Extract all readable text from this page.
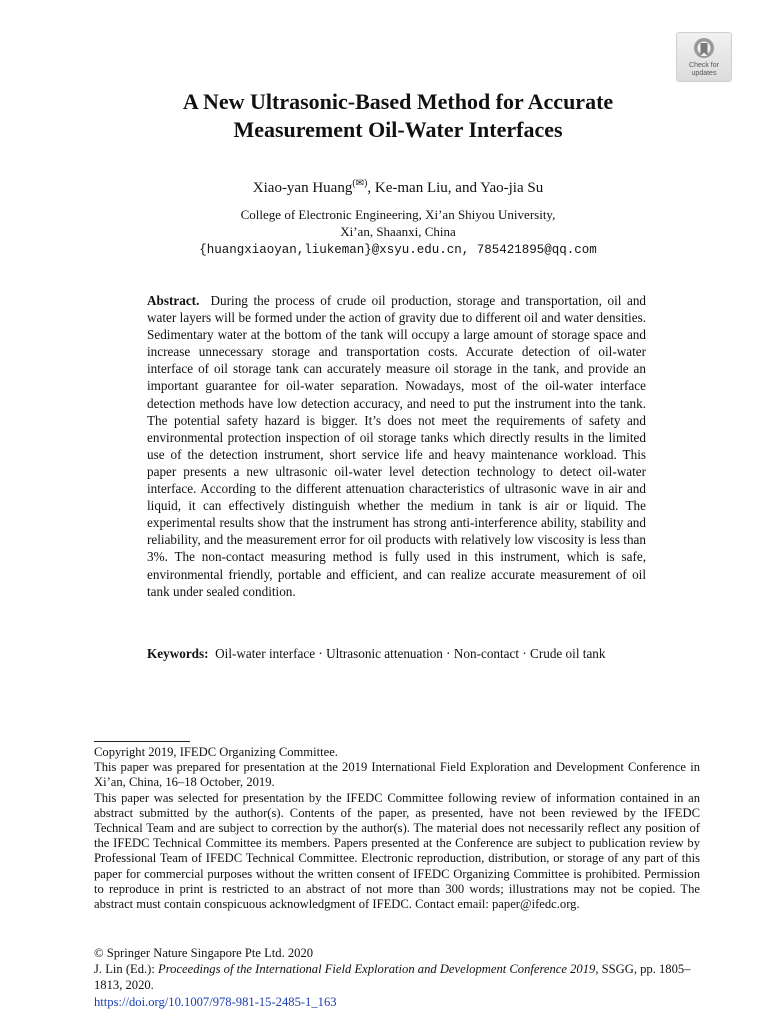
Check for
updates
A New Ultrasonic-Based Method for Accurate
Measurement Oil-Water Interfaces
Xiao-yan Huang(✉), Ke-man Liu, and Yao-jia Su
College of Electronic Engineering, Xi’an Shiyou University,
Xi’an, Shaanxi, China
{huangxiaoyan,liukeman}@xsyu.edu.cn, 785421895@qq.com
Abstract. During the process of crude oil production, storage and transportation, oil and water layers will be formed under the action of gravity due to different oil and water densities. Sedimentary water at the bottom of the tank will occupy a large amount of storage space and increase unnecessary storage and transportation costs. Accurate detection of oil-water interface of oil storage tank can accurately measure oil storage in the tank, and provide an important guarantee for oil-water separation. Nowadays, most of the oil-water interface detection methods have low detection accuracy, and need to put the instrument into the tank. The potential safety hazard is bigger. It’s does not meet the requirements of safety and environmental protection inspection of oil storage tanks which directly results in the limited use of the detection instrument, short service life and heavy maintenance workload. This paper presents a new ultrasonic oil-water level detection technology to detect oil-water interface. According to the different attenuation characteristics of ultrasonic wave in air and liquid, it can effectively distinguish whether the medium in tank is air or liquid. The experimental results show that the instrument has strong anti-interference ability, stability and reliability, and the measurement error for oil products with relatively low viscosity is less than 3%. The non-contact measuring method is fully used in this instrument, which is safe, environmental friendly, portable and efficient, and can realize accurate measurement of oil tank under sealed condition.
Keywords: Oil-water interface · Ultrasonic attenuation · Non-contact · Crude oil tank

Copyright 2019, IFEDC Organizing Committee.

This paper was prepared for presentation at the 2019 International Field Exploration and Development Conference in Xi’an, China, 16–18 October, 2019.

This paper was selected for presentation by the IFEDC Committee following review of information contained in an abstract submitted by the author(s). Contents of the paper, as presented, have not been reviewed by the IFEDC Technical Team and are subject to correction by the author(s). The material does not necessarily reflect any position of the IFEDC Technical Committee its members. Papers presented at the Conference are subject to publication review by Professional Team of IFEDC Technical Committee. Electronic reproduction, distribution, or storage of any part of this paper for commercial purposes without the written consent of IFEDC Organizing Committee is prohibited. Permission to reproduce in print is restricted to an abstract of not more than 300 words; illustrations may not be copied. The abstract must contain conspicuous acknowledgment of IFEDC. Contact email: paper@ifedc.org.

© Springer Nature Singapore Pte Ltd. 2020

J. Lin (Ed.): Proceedings of the International Field Exploration and Development Conference 2019, SSGG, pp. 1805–1813, 2020.

https://doi.org/10.1007/978-981-15-2485-1_163
